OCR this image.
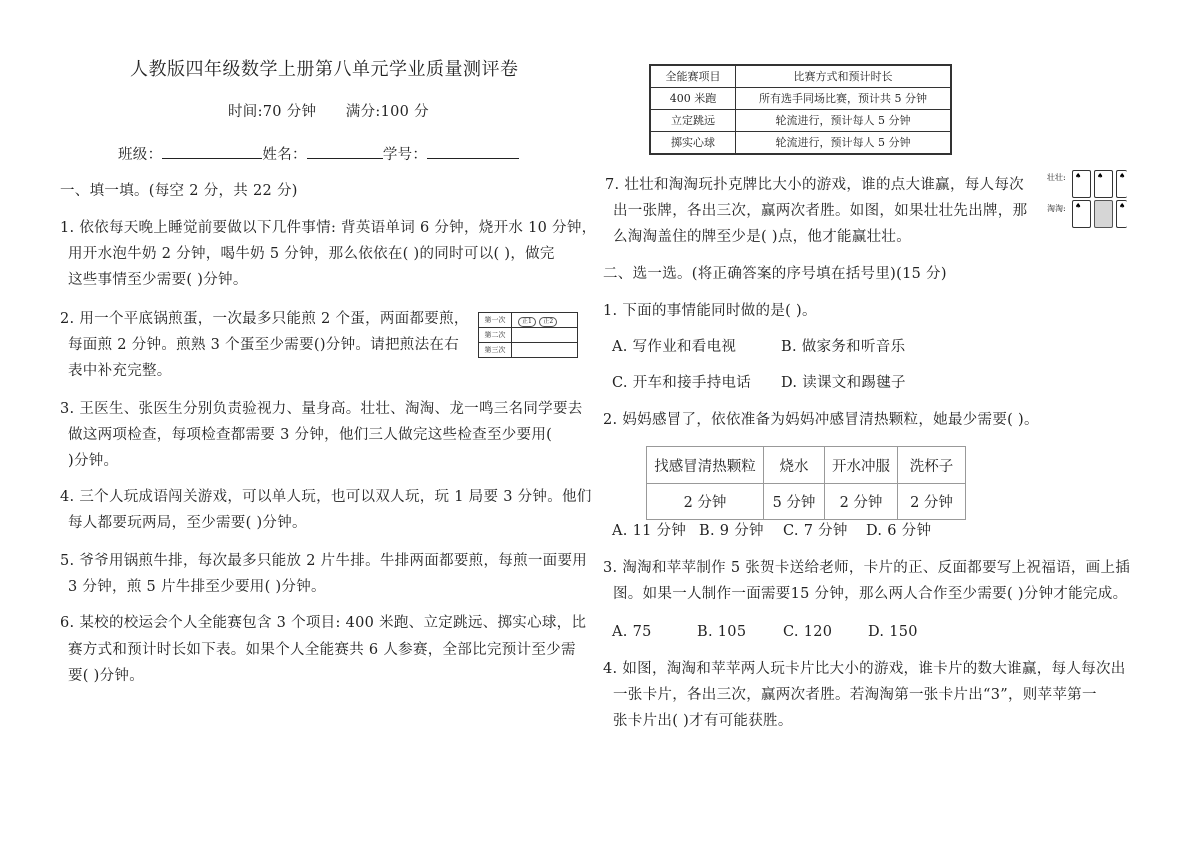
人教版四年级数学上册第八单元学业质量测评卷
时间:70 分钟      满分:100 分
班级：	姓名：	学号：
一、填一填。(每空 2 分，共 22 分)
1. 依依每天晚上睡觉前要做以下几件事情: 背英语单词 6 分钟，烧开水 10 分钟，
用开水泡牛奶 2 分钟，喝牛奶 5 分钟，那么依依在( )的同时可以( )，做完
这些事情至少需要( )分钟。
2. 用一个平底锅煎蛋，一次最多只能煎 2 个蛋，两面都要煎，
每面煎 2 分钟。煎熟 3 个蛋至少需要()分钟。请把煎法在右
表中补充完整。
第一次	正1 正2
第二次	
第三次	
3. 王医生、张医生分别负责验视力、量身高。壮壮、淘淘、龙一鸣三名同学要去
做这两项检查，每项检查都需要 3 分钟，他们三人做完这些检查至少要用(
)分钟。
4. 三个人玩成语闯关游戏，可以单人玩，也可以双人玩，玩 1 局要 3 分钟。他们
每人都要玩两局，至少需要( )分钟。
5. 爷爷用锅煎牛排，每次最多只能放 2 片牛排。牛排两面都要煎，每煎一面要用
3 分钟，煎 5 片牛排至少要用( )分钟。
6. 某校的校运会个人全能赛包含 3 个项目: 400 米跑、立定跳远、掷实心球，比
赛方式和预计时长如下表。如果个人全能赛共 6 人参赛，全部比完预计至少需
要( )分钟。
全能赛项目	比赛方式和预计时长
400 米跑	所有选手同场比赛，预计共 5 分钟
立定跳远	轮流进行，预计每人 5 分钟
掷实心球	轮流进行，预计每人 5 分钟
7. 壮壮和淘淘玩扑克牌比大小的游戏，谁的点大谁赢，每人每次
出一张牌，各出三次，赢两次者胜。如图，如果壮壮先出牌，那
么淘淘盖住的牌至少是( )点，他才能赢壮壮。
壮壮:
淘淘:
♠ ♠ ♠
♠	♠
二、选一选。(将正确答案的序号填在括号里)(15 分)
1. 下面的事情能同时做的是( )。
A. 写作业和看电视	B. 做家务和听音乐
C. 开车和接手持电话 D. 读课文和踢毽子
2. 妈妈感冒了，依依准备为妈妈冲感冒清热颗粒，她最少需要( )。
找感冒清热颗粒	烧水	开水冲服	洗杯子
2 分钟	5 分钟	2 分钟	2 分钟
A. 11 分钟 B. 9 分钟 C. 7 分钟 D. 6 分钟
3. 淘淘和苹苹制作 5 张贺卡送给老师，卡片的正、反面都要写上祝福语，画上插
图。如果一人制作一面需要15 分钟，那么两人合作至少需要( )分钟才能完成。
A. 75	B. 105	C. 120 D. 150
4. 如图，淘淘和苹苹两人玩卡片比大小的游戏，谁卡片的数大谁赢，每人每次出
一张卡片，各出三次，赢两次者胜。若淘淘第一张卡片出“3”，则苹苹第一
张卡片出( )才有可能获胜。
